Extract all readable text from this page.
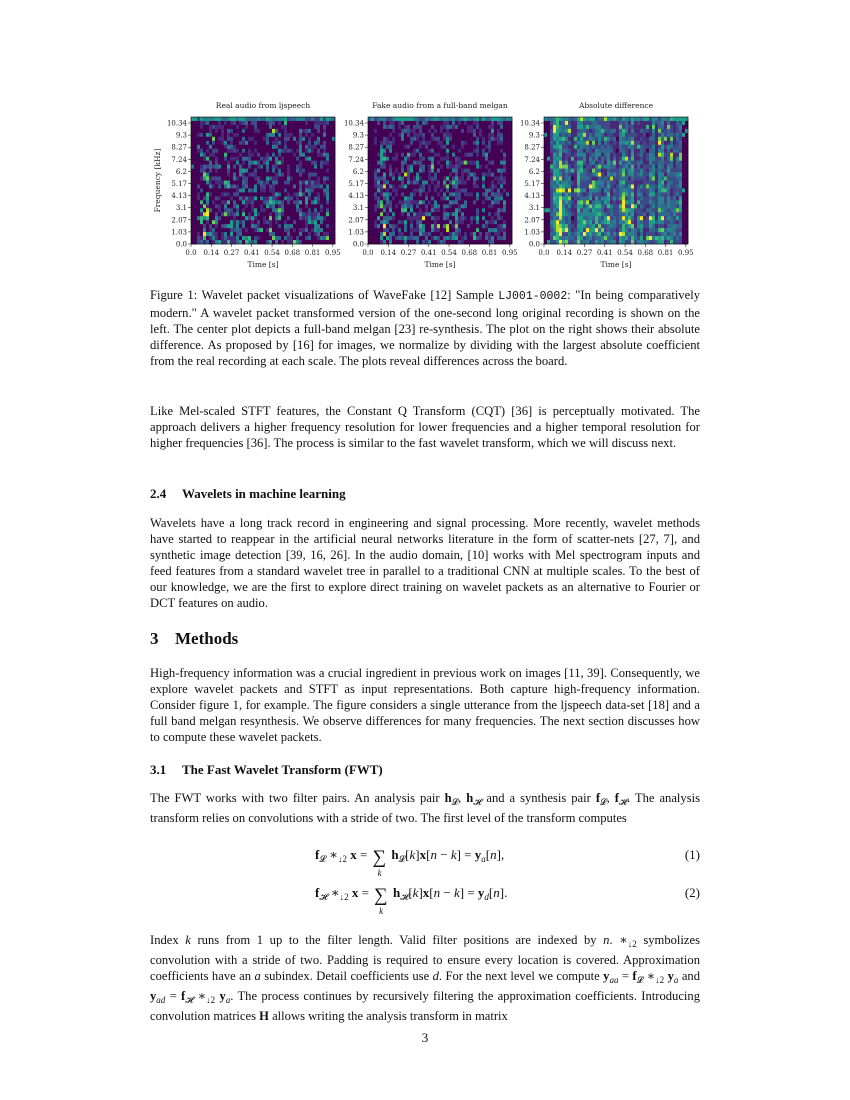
Real audio from ljspeech
10.34
9.3
8.27
7.24
6.2
5.17
4.13
3.1
2.07
1.03
0.0
0.0 0.14 0.27 0.41 0.54 0.68 0.81 0.95
Time [s]
Fake audio from a full-band melgan
10.34
9.3
8.27
7.24
6.2
5.17
4.13
3.1
2.07
1.03
0.0
0.0 0.14 0.27 0.41 0.54 0.68 0.81 0.95
Time [s]
Absolute difference
10.34
9.3
8.27
7.24
6.2
5.17
4.13
3.1
2.07
1.03
0.0
0.0 0.14 0.27 0.41 0.54 0.68 0.81 0.95
Time [s]
Frequency [kHz]
Figure 1: Wavelet packet visualizations of WaveFake [12] Sample LJ001-0002: "In being comparatively modern." A wavelet packet transformed version of the one-second long original recording is shown on the left. The center plot depicts a full-band melgan [23] re-synthesis. The plot on the right shows their absolute difference. As proposed by [16] for images, we normalize by dividing with the largest absolute coefficient from the real recording at each scale. The plots reveal differences across the board.
Like Mel-scaled STFT features, the Constant Q Transform (CQT) [36] is perceptually motivated. The approach delivers a higher frequency resolution for lower frequencies and a higher temporal resolution for higher frequencies [36]. The process is similar to the fast wavelet transform, which we will discuss next.
2.4 Wavelets in machine learning
Wavelets have a long track record in engineering and signal processing. More recently, wavelet methods have started to reappear in the artificial neural networks literature in the form of scatter-nets [27, 7], and synthetic image detection [39, 16, 26]. In the audio domain, [10] works with Mel spectrogram inputs and feed features from a standard wavelet tree in parallel to a traditional CNN at multiple scales. To the best of our knowledge, we are the first to explore direct training on wavelet packets as an alternative to Fourier or DCT features on audio.
3 Methods
High-frequency information was a crucial ingredient in previous work on images [11, 39]. Consequently, we explore wavelet packets and STFT as input representations. Both capture high-frequency information. Consider figure 1, for example. The figure considers a single utterance from the ljspeech data-set [18] and a full band melgan resynthesis. We observe differences for many frequencies. The next section discusses how to compute these wavelet packets.
3.1 The Fast Wavelet Transform (FWT)
The FWT works with two filter pairs. An analysis pair $h_𝓛$, $h_𝓗$ and a synthesis pair $f_𝓛$, $f_𝓗$. The analysis transform relies on convolutions with a stride of two. The first level of the transform computes
$f_𝓛$ $∗_{↓2}$ x = ∑
k
$h_𝓛[k]x[n - k] = y_a[n]$,	(1)
$f_𝓗$ $∗_{↓2}$ x = ∑
k
$h_𝓗[k]x[n - k] = y_d[n]$.	(2)
Index k runs from 1 up to the filter length. Valid filter positions are indexed by n. $∗_{↓2}$ symbolizes convolution with a stride of two. Padding is required to ensure every location is covered. Approximation coefficients have an a subindex. Detail coefficients use d. For the next level we compute $y_{aa} = f_𝓛$ $∗_{↓2}$ $y_a$ and $y_{ad} = f_𝓗$ $∗_{↓2}$ $y_a$. The process continues by recursively filtering the approximation coefficients. Introducing convolution matrices H allows writing the analysis transform in matrix
3
